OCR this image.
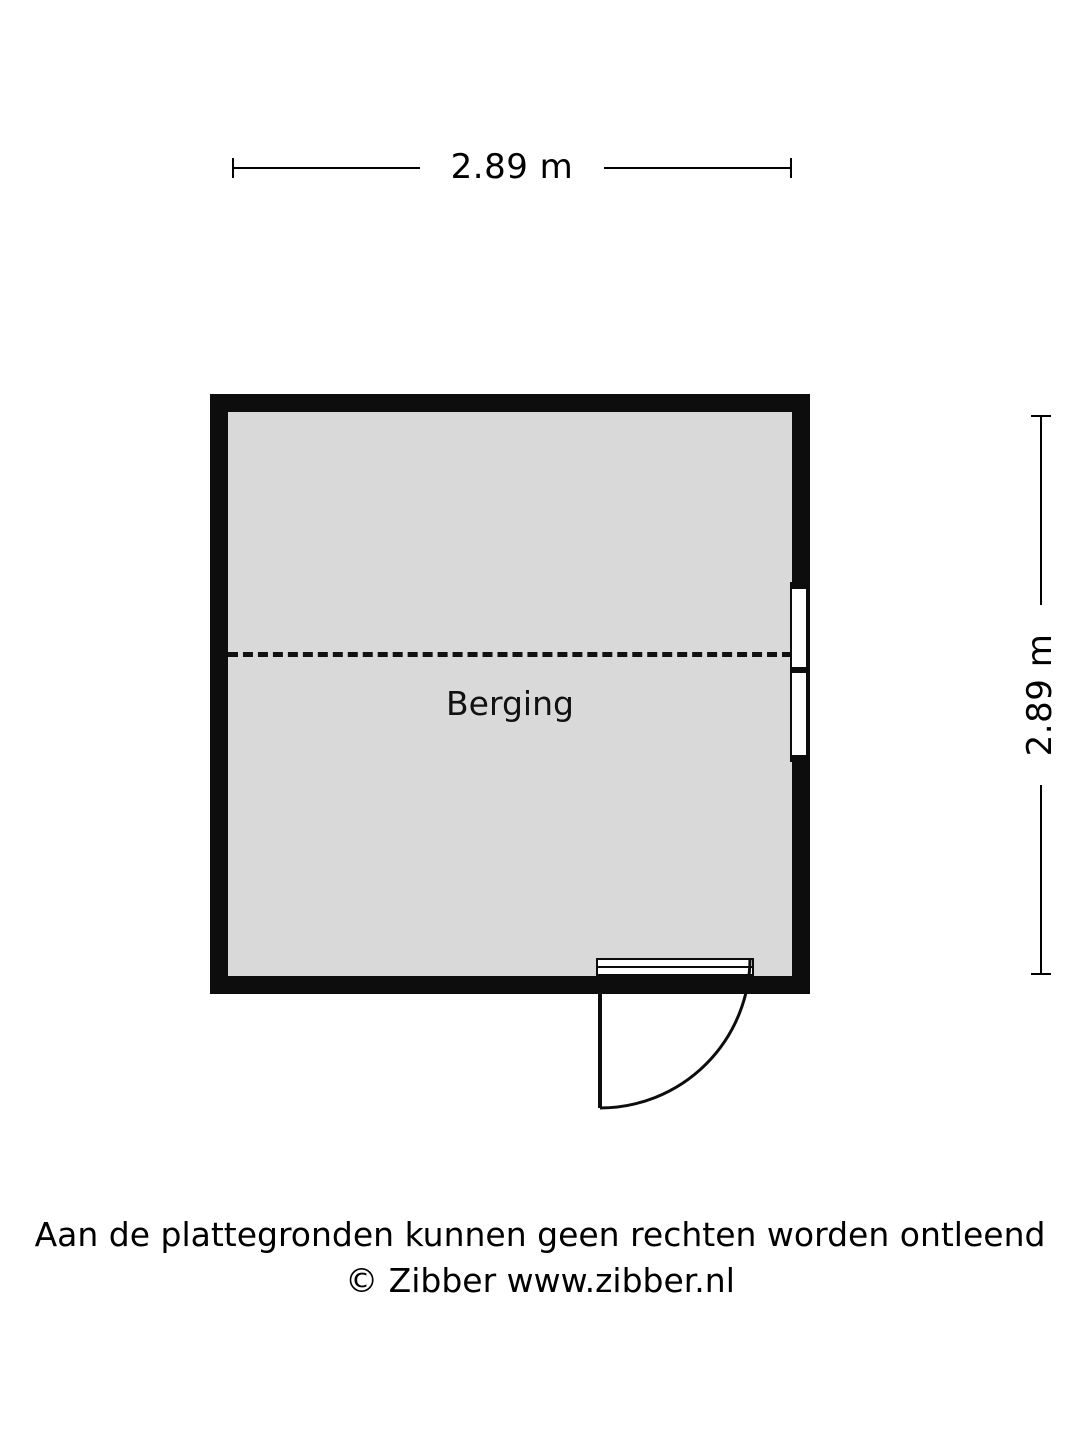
2.89 m
2.89 m
Berging
Aan de plattegronden kunnen geen rechten worden ontleend
© Zibber www.zibber.nl
